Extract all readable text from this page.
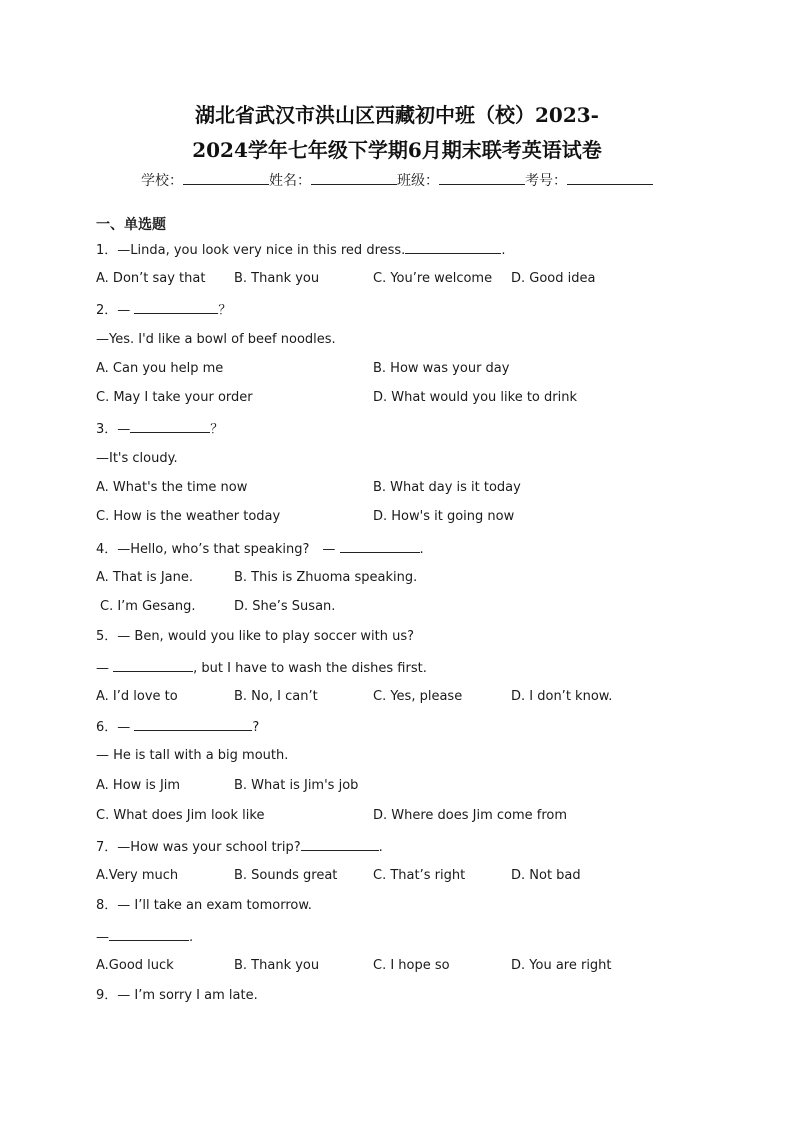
湖北省武汉市洪山区西藏初中班（校）2023-
2024学年七年级下学期6月期末联考英语试卷
学校：	姓名：	班级：	考号：
一、单选题
1．—Linda, you look very nice in this red dress.	.
A. Don’t say that B. Thank you	C. You’re welcome D. Good idea
2．—	？
—Yes. I'd like a bowl of beef noodles.
A. Can you help me	B. How was your day
C. May I take your order	D. What would you like to drink
3．—	？
—It's cloudy.
A. What's the time now	B. What day is it today
C. How is the weather today	D. How's it going now
4．—Hello, who’s that speaking?　—	.
A. That is Jane.	B. This is Zhuoma speaking.
C. I’m Gesang.	D. She’s Susan.
5．— Ben, would you like to play soccer with us?
—	, but I have to wash the dishes first.
A. I’d love to	B. No, I can’t	C. Yes, please	D. I don’t know.
6．—	?
— He is tall with a big mouth.
A. How is Jim	B. What is Jim's job
C. What does Jim look like	D. Where does Jim come from
7．—How was your school trip?	.
A.Very much	B. Sounds great	C. That’s right	D. Not bad
8．— I’ll take an exam tomorrow.
—	.
A.Good luck	B. Thank you	C. I hope so	D. You are right
9．— I’m sorry I am late.
